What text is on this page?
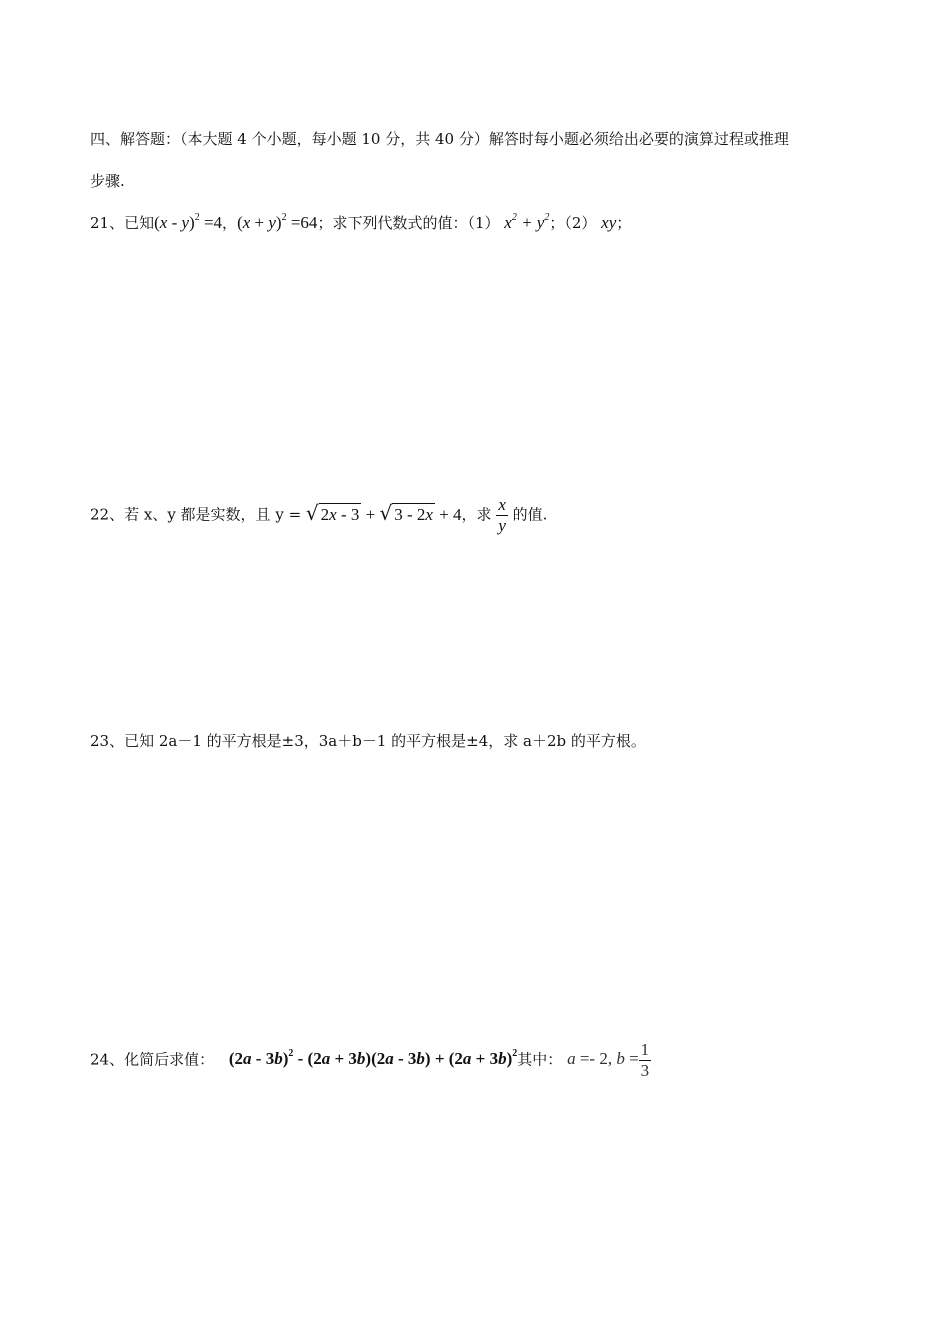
四、解答题：（本大题 4 个小题，每小题 10 分，共 40 分）解答时每小题必须给出必要的演算过程或推理
步骤.
21、已知(x - y)$^2$ =4，$(x + y)^2 =64$；求下列代数式的值：（1） $x^2 + y^2$；（2） xy；
22、若 x、y 都是实数，且 y = √ 2x - 3 + √ 3 - 2x + 4，求 $\frac{x}{y}$ 的值.
23、已知 2a－1 的平方根是±3，3a＋b－1 的平方根是±4，求 a＋2b 的平方根。
24、化简后求值： $(2a - 3b)^2 - (2a + 3b)(2a - 3b) + (2a + 3b)^2$其中： a =- 2, $b = \frac{1}{3}$
